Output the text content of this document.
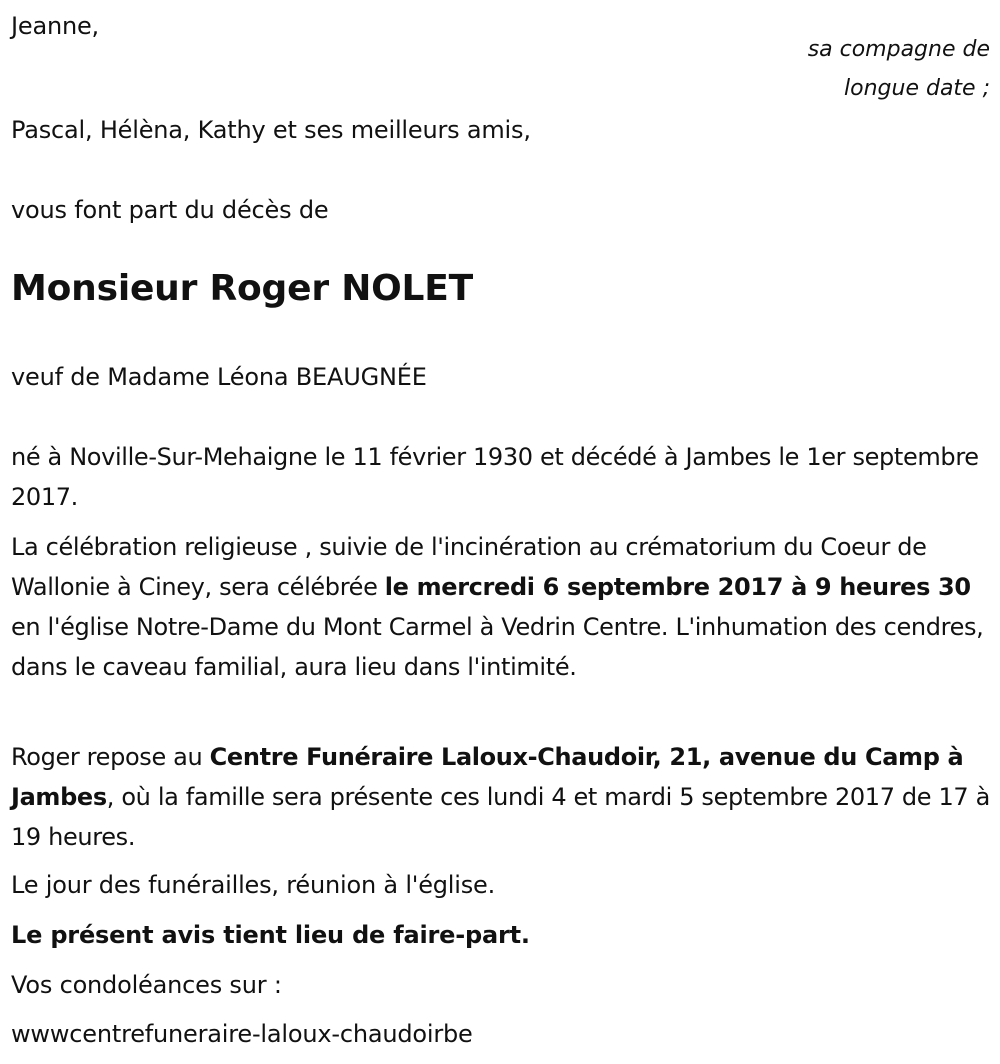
Jeanne,
sa compagne de
longue date ;
Pascal, Hélèna, Kathy et ses meilleurs amis,
vous font part du décès de
Monsieur Roger NOLET
veuf de Madame Léona BEAUGNÉE
né à Noville-Sur-Mehaigne le 11 février 1930 et décédé à Jambes le 1er septembre 2017.
La célébration religieuse , suivie de l'incinération au crématorium du Coeur de Wallonie à Ciney, sera célébrée le mercredi 6 septembre 2017 à 9 heures 30 en l'église Notre-Dame du Mont Carmel à Vedrin Centre. L'inhumation des cendres, dans le caveau familial, aura lieu dans l'intimité.
Roger repose au Centre Funéraire Laloux-Chaudoir, 21, avenue du Camp à Jambes, où la famille sera présente ces lundi 4 et mardi 5 septembre 2017 de 17 à 19 heures.
Le jour des funérailles, réunion à l'église.
Le présent avis tient lieu de faire-part.
Vos condoléances sur :
wwwcentrefuneraire-laloux-chaudoirbe
